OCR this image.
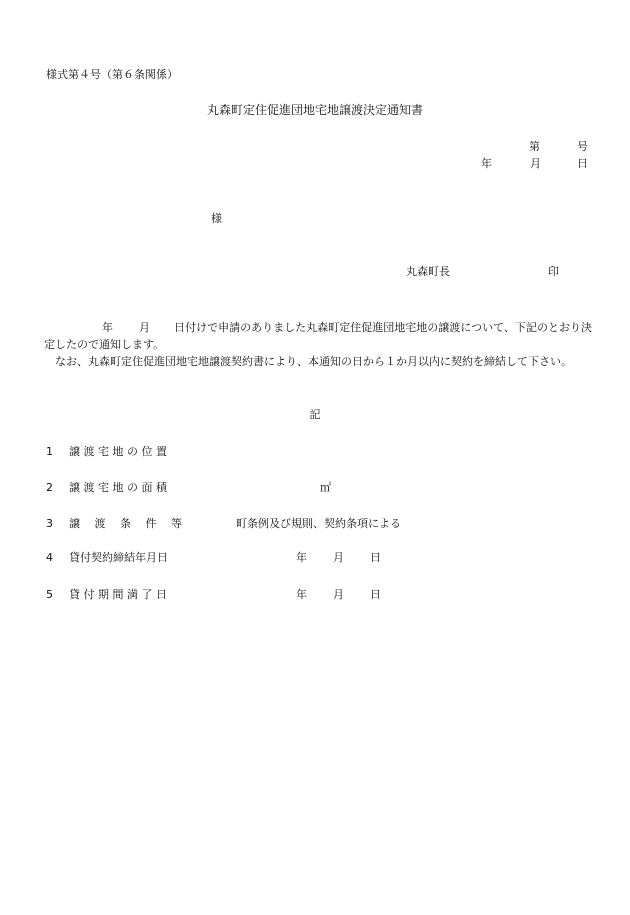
様式第４号（第６条関係）
丸森町定住促進団地宅地譲渡決定通知書
第	号
年	月	日
様
丸森町長	印

年 月 日付けで申請のありました丸森町定住促進団地宅地の譲渡について、下記のとおり決定したので通知します。

なお、丸森町定住促進団地宅地譲渡契約書により、本通知の日から１か月以内に契約を締結して下さい。

記
1 譲 渡 宅 地 の 位 置
2 譲 渡 宅 地 の 面 積	㎡
3 譲　 渡　 条　 件　 等	町条例及び規則、契約条項による
4 貸付契約締結年月日	年 月 日
5 貸 付 期 間 満 了 日	年 月 日
